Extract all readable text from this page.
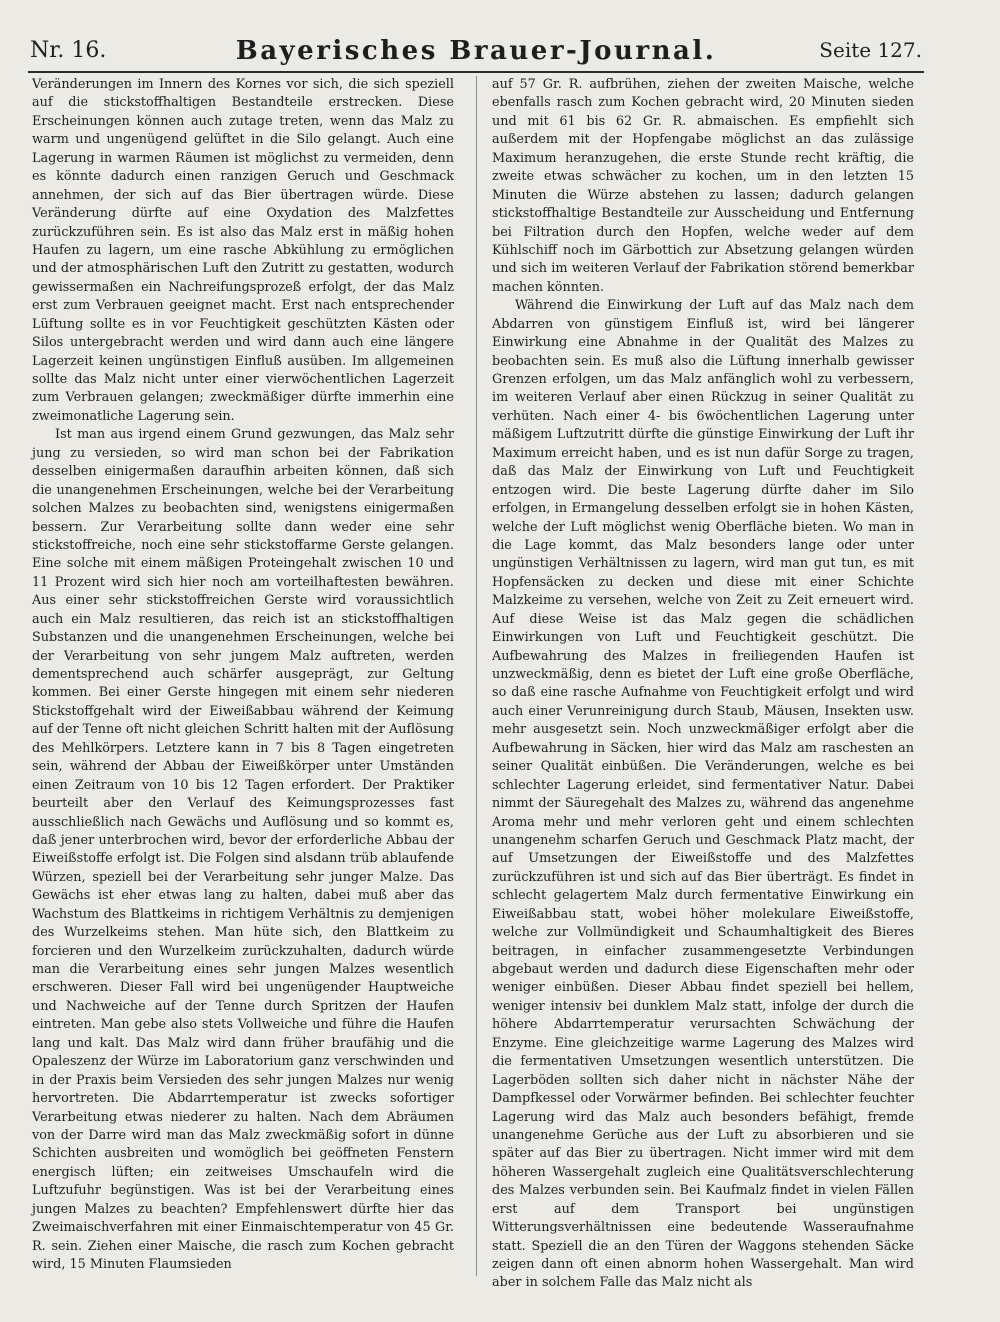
Nr. 16.	Bayerisches Brauer-Journal.	Seite 127.

Veränderungen im Innern des Kornes vor sich, die sich speziell auf die stickstoffhaltigen Bestandteile erstrecken. Diese Erscheinungen können auch zutage treten, wenn das Malz zu warm und ungenügend gelüftet in die Silo gelangt. Auch eine Lagerung in warmen Räumen ist möglichst zu vermeiden, denn es könnte dadurch einen ranzigen Geruch und Geschmack annehmen, der sich auf das Bier übertragen würde. Diese Veränderung dürfte auf eine Oxydation des Malzfettes zurückzuführen sein. Es ist also das Malz erst in mäßig hohen Haufen zu lagern, um eine rasche Abkühlung zu ermöglichen und der atmosphärischen Luft den Zutritt zu gestatten, wodurch gewissermaßen ein Nachreifungsprozeß erfolgt, der das Malz erst zum Verbrauen geeignet macht. Erst nach entsprechender Lüftung sollte es in vor Feuchtigkeit geschützten Kästen oder Silos untergebracht werden und wird dann auch eine längere Lagerzeit keinen ungünstigen Einfluß ausüben. Im allgemeinen sollte das Malz nicht unter einer vierwöchentlichen Lagerzeit zum Verbrauen gelangen; zweckmäßiger dürfte immerhin eine zweimonatliche Lagerung sein.

Ist man aus irgend einem Grund gezwungen, das Malz sehr jung zu versieden, so wird man schon bei der Fabrikation desselben einigermaßen daraufhin arbeiten können, daß sich die unangenehmen Erscheinungen, welche bei der Verarbeitung solchen Malzes zu beobachten sind, wenigstens einigermaßen bessern. Zur Verarbeitung sollte dann weder eine sehr stickstoffreiche, noch eine sehr stickstoffarme Gerste gelangen. Eine solche mit einem mäßigen Proteingehalt zwischen 10 und 11 Prozent wird sich hier noch am vorteilhaftesten bewähren. Aus einer sehr stickstoffreichen Gerste wird voraussichtlich auch ein Malz resultieren, das reich ist an stickstoffhaltigen Substanzen und die unangenehmen Erscheinungen, welche bei der Verarbeitung von sehr jungem Malz auftreten, werden dementsprechend auch schärfer ausgeprägt, zur Geltung kommen. Bei einer Gerste hingegen mit einem sehr niederen Stickstoffgehalt wird der Eiweißabbau während der Keimung auf der Tenne oft nicht gleichen Schritt halten mit der Auflösung des Mehlkörpers. Letztere kann in 7 bis 8 Tagen eingetreten sein, während der Abbau der Eiweißkörper unter Umständen einen Zeitraum von 10 bis 12 Tagen erfordert. Der Praktiker beurteilt aber den Verlauf des Keimungsprozesses fast ausschließlich nach Gewächs und Auflösung und so kommt es, daß jener unterbrochen wird, bevor der erforderliche Abbau der Eiweißstoffe erfolgt ist. Die Folgen sind alsdann trüb ablaufende Würzen, speziell bei der Verarbeitung sehr junger Malze. Das Gewächs ist eher etwas lang zu halten, dabei muß aber das Wachstum des Blattkeims in richtigem Verhältnis zu demjenigen des Wurzelkeims stehen. Man hüte sich, den Blattkeim zu forcieren und den Wurzelkeim zurückzuhalten, dadurch würde man die Verarbeitung eines sehr jungen Malzes wesentlich erschweren. Dieser Fall wird bei ungenügender Hauptweiche und Nachweiche auf der Tenne durch Spritzen der Haufen eintreten. Man gebe also stets Vollweiche und führe die Haufen lang und kalt. Das Malz wird dann früher braufähig und die Opaleszenz der Würze im Laboratorium ganz verschwinden und in der Praxis beim Versieden des sehr jungen Malzes nur wenig hervortreten. Die Abdarrtemperatur ist zwecks sofortiger Verarbeitung etwas niederer zu halten. Nach dem Abräumen von der Darre wird man das Malz zweckmäßig sofort in dünne Schichten ausbreiten und womöglich bei geöffneten Fenstern energisch lüften; ein zeitweises Umschaufeln wird die Luftzufuhr begünstigen. Was ist bei der Verarbeitung eines jungen Malzes zu beachten? Empfehlenswert dürfte hier das Zweimaischverfahren mit einer Einmaischtemperatur von 45 Gr. R. sein. Ziehen einer Maische, die rasch zum Kochen gebracht wird, 15 Minuten Flaumsieden

auf 57 Gr. R. aufbrühen, ziehen der zweiten Maische, welche ebenfalls rasch zum Kochen gebracht wird, 20 Minuten sieden und mit 61 bis 62 Gr. R. abmaischen. Es empfiehlt sich außerdem mit der Hopfengabe möglichst an das zulässige Maximum heranzugehen, die erste Stunde recht kräftig, die zweite etwas schwächer zu kochen, um in den letzten 15 Minuten die Würze abstehen zu lassen; dadurch gelangen stickstoffhaltige Bestandteile zur Ausscheidung und Entfernung bei Filtration durch den Hopfen, welche weder auf dem Kühlschiff noch im Gärbottich zur Absetzung gelangen würden und sich im weiteren Verlauf der Fabrikation störend bemerkbar machen könnten.

Während die Einwirkung der Luft auf das Malz nach dem Abdarren von günstigem Einfluß ist, wird bei längerer Einwirkung eine Abnahme in der Qualität des Malzes zu beobachten sein. Es muß also die Lüftung innerhalb gewisser Grenzen erfolgen, um das Malz anfänglich wohl zu verbessern, im weiteren Verlauf aber einen Rückzug in seiner Qualität zu verhüten. Nach einer 4- bis 6wöchentlichen Lagerung unter mäßigem Luftzutritt dürfte die günstige Einwirkung der Luft ihr Maximum erreicht haben, und es ist nun dafür Sorge zu tragen, daß das Malz der Einwirkung von Luft und Feuchtigkeit entzogen wird. Die beste Lagerung dürfte daher im Silo erfolgen, in Ermangelung desselben erfolgt sie in hohen Kästen, welche der Luft möglichst wenig Oberfläche bieten. Wo man in die Lage kommt, das Malz besonders lange oder unter ungünstigen Verhältnissen zu lagern, wird man gut tun, es mit Hopfensäcken zu decken und diese mit einer Schichte Malzkeime zu versehen, welche von Zeit zu Zeit erneuert wird. Auf diese Weise ist das Malz gegen die schädlichen Einwirkungen von Luft und Feuchtigkeit geschützt. Die Aufbewahrung des Malzes in freiliegenden Haufen ist unzweckmäßig, denn es bietet der Luft eine große Oberfläche, so daß eine rasche Aufnahme von Feuchtigkeit erfolgt und wird auch einer Verunreinigung durch Staub, Mäusen, Insekten usw. mehr ausgesetzt sein. Noch unzweckmäßiger erfolgt aber die Aufbewahrung in Säcken, hier wird das Malz am raschesten an seiner Qualität einbüßen. Die Veränderungen, welche es bei schlechter Lagerung erleidet, sind fermentativer Natur. Dabei nimmt der Säuregehalt des Malzes zu, während das angenehme Aroma mehr und mehr verloren geht und einem schlechten unangenehm scharfen Geruch und Geschmack Platz macht, der auf Umsetzungen der Eiweißstoffe und des Malzfettes zurückzuführen ist und sich auf das Bier überträgt. Es findet in schlecht gelagertem Malz durch fermentative Einwirkung ein Eiweißabbau statt, wobei höher molekulare Eiweißstoffe, welche zur Vollmündigkeit und Schaumhaltigkeit des Bieres beitragen, in einfacher zusammengesetzte Verbindungen abgebaut werden und dadurch diese Eigenschaften mehr oder weniger einbüßen. Dieser Abbau findet speziell bei hellem, weniger intensiv bei dunklem Malz statt, infolge der durch die höhere Abdarrtemperatur verursachten Schwächung der Enzyme. Eine gleichzeitige warme Lagerung des Malzes wird die fermentativen Umsetzungen wesentlich unterstützen. Die Lagerböden sollten sich daher nicht in nächster Nähe der Dampfkessel oder Vorwärmer befinden. Bei schlechter feuchter Lagerung wird das Malz auch besonders befähigt, fremde unangenehme Gerüche aus der Luft zu absorbieren und sie später auf das Bier zu übertragen. Nicht immer wird mit dem höheren Wassergehalt zugleich eine Qualitätsverschlechterung des Malzes verbunden sein. Bei Kaufmalz findet in vielen Fällen erst auf dem Transport bei ungünstigen Witterungsverhältnissen eine bedeutende Wasseraufnahme statt. Speziell die an den Türen der Waggons stehenden Säcke zeigen dann oft einen abnorm hohen Wassergehalt. Man wird aber in solchem Falle das Malz nicht als
